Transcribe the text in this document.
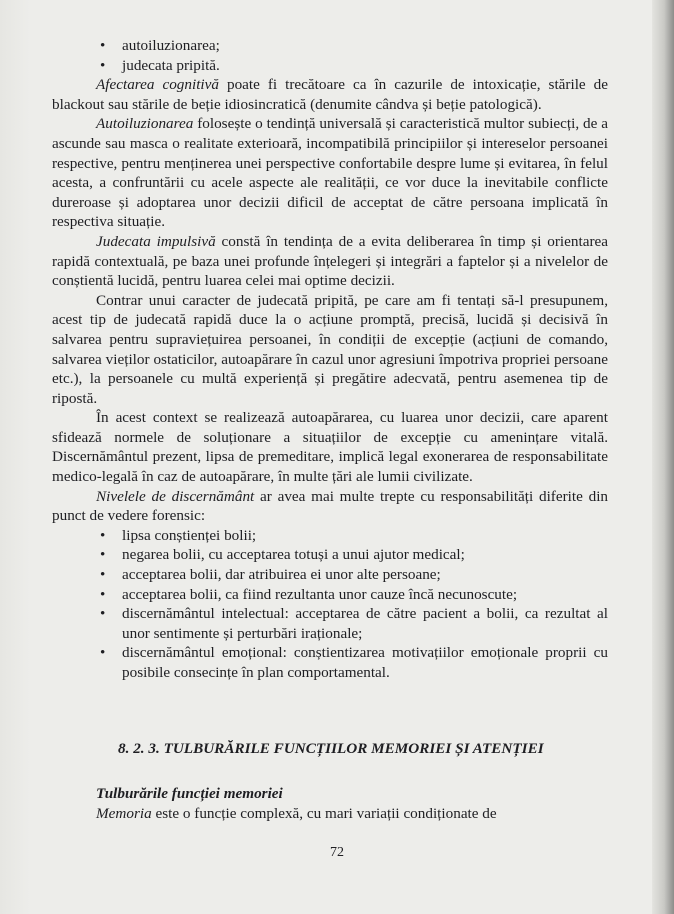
• autoiluzionarea;
• judecata pripită.

Afectarea cognitivă poate fi trecătoare ca în cazurile de intoxicație, stările de blackout sau stările de beție idiosincratică (denumite cândva și beție patologică).

Autoiluzionarea folosește o tendință universală și caracteristică multor subiecți, de a ascunde sau masca o realitate exterioară, incompatibilă principiilor și intereselor persoanei respective, pentru menținerea unei perspective confortabile despre lume și evitarea, în felul acesta, a confruntării cu acele aspecte ale realității, ce vor duce la inevitabile conflicte dureroase și adoptarea unor decizii dificil de acceptat de către persoana implicată în respectiva situație.

Judecata impulsivă constă în tendința de a evita deliberarea în timp și orientarea rapidă contextuală, pe baza unei profunde înțelegeri și integrări a faptelor și a nivelelor de conștientă lucidă, pentru luarea celei mai optime decizii.

Contrar unui caracter de judecată pripită, pe care am fi tentați să-l presupunem, acest tip de judecată rapidă duce la o acțiune promptă, precisă, lucidă și decisivă în salvarea pentru supraviețuirea persoanei, în condiții de excepție (acțiuni de comando, salvarea vieților ostaticilor, autoapărare în cazul unor agresiuni împotriva propriei persoane etc.), la persoanele cu multă experiență și pregătire adecvată, pentru asemenea tip de ripostă.

În acest context se realizează autoapărarea, cu luarea unor decizii, care aparent sfidează normele de soluționare a situațiilor de excepție cu amenințare vitală. Discernământul prezent, lipsa de premeditare, implică legal exonerarea de responsabilitate medico-legală în caz de autoapărare, în multe țări ale lumii civilizate.

Nivelele de discernământ ar avea mai multe trepte cu responsabilități diferite din punct de vedere forensic:

• lipsa conștienței bolii;
• negarea bolii, cu acceptarea totuși a unui ajutor medical;
• acceptarea bolii, dar atribuirea ei unor alte persoane;
• acceptarea bolii, ca fiind rezultanta unor cauze încă necunoscute;
• discernământul intelectual: acceptarea de către pacient a bolii, ca rezultat al unor sentimente și perturbări iraționale;
• discernământul emoțional: conștientizarea motivațiilor emoționale proprii cu posibile consecințe în plan comportamental.
8. 2. 3. TULBURĂRILE FUNCȚIILOR MEMORIEI ȘI ATENȚIEI
Tulburările funcției memoriei

Memoria este o funcție complexă, cu mari variații condiționate de

72
